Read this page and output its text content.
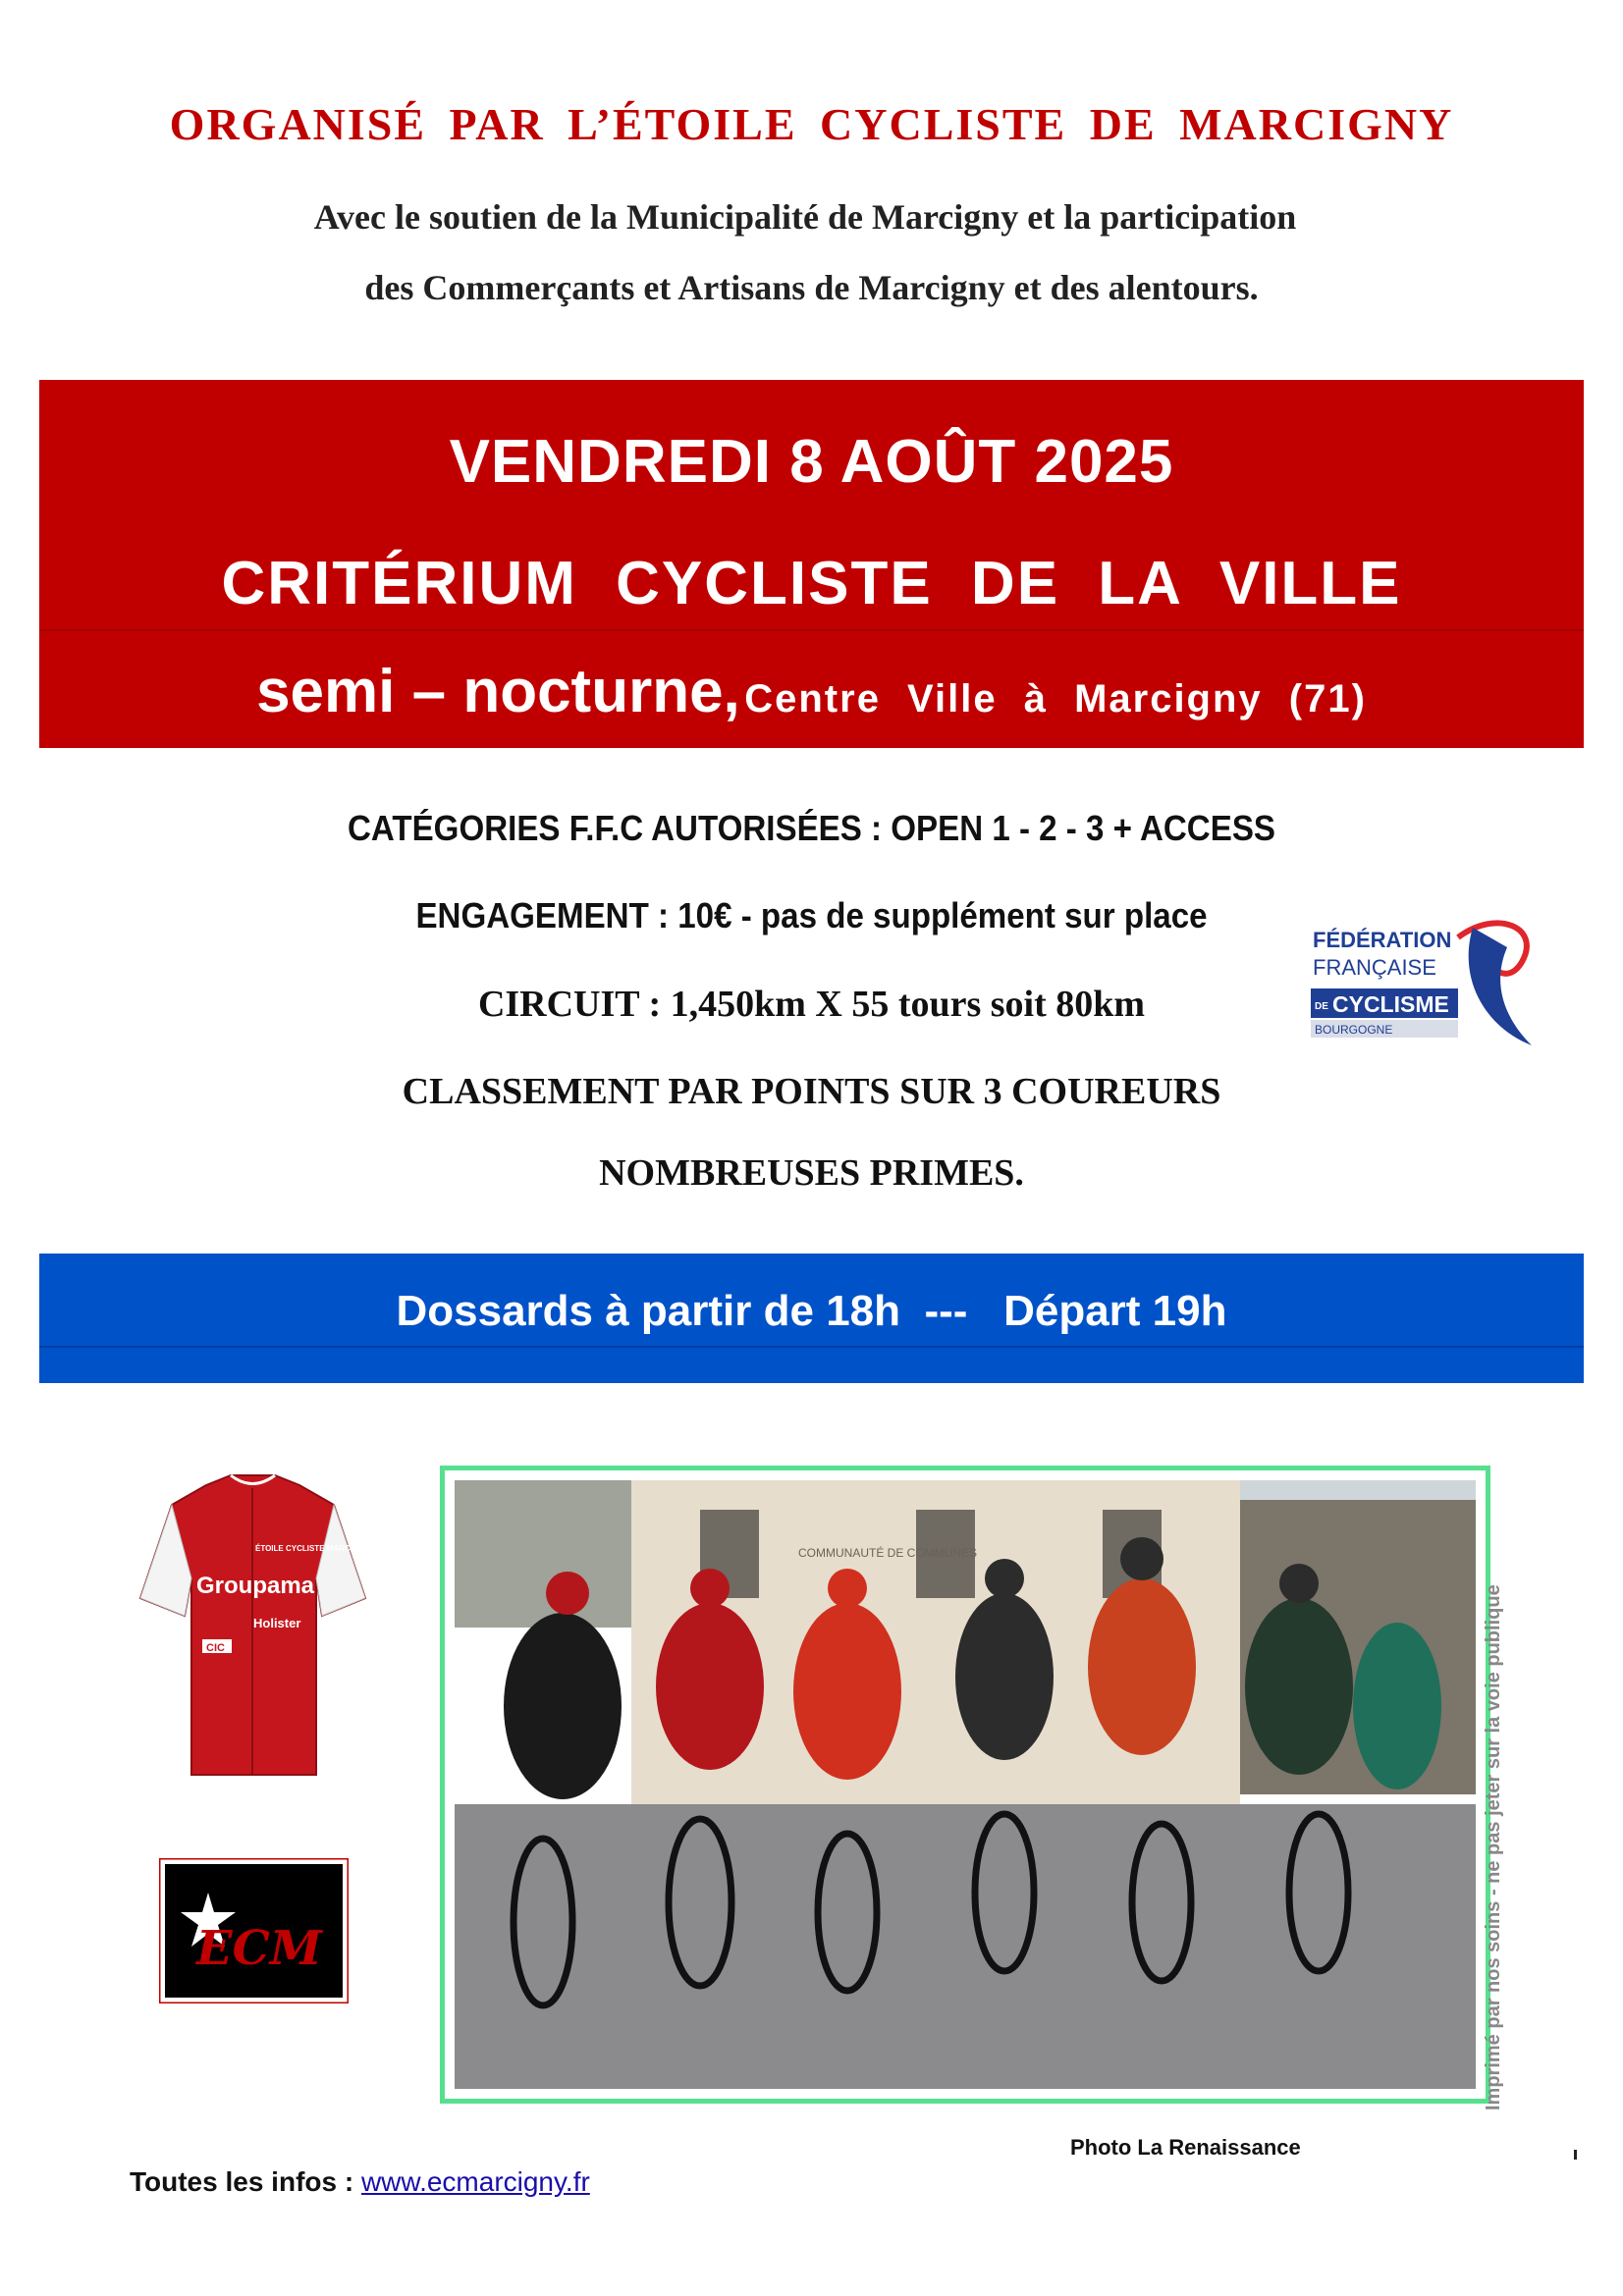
ORGANISÉ PAR L’ÉTOILE CYCLISTE DE MARCIGNY
Avec le soutien de la Municipalité de Marcigny et la participation
des Commerçants et Artisans de Marcigny et des alentours.
VENDREDI 8 AOÛT 2025
CRITÉRIUM CYCLISTE DE LA VILLE
semi – nocturne, Centre Ville à Marcigny (71)
CATÉGORIES F.F.C AUTORISÉES : OPEN 1 - 2 - 3 + ACCESS
ENGAGEMENT : 10€ - pas de supplément sur place
CIRCUIT : 1,450km X 55 tours soit 80km
CLASSEMENT PAR POINTS SUR 3 COUREURS
NOMBREUSES PRIMES.
FÉDÉRATION
FRANÇAISE
DE CYCLISME
BOURGOGNE
Dossards à partir de 18h  ---   Départ 19h
Groupama
Holister
CIC
ÉTOILE CYCLISTE MARCIGNY
ECM
COMMUNAUTÉ DE COMMUNES
Photo La Renaissance
Toutes les infos : www.ecmarcigny.fr
Imprimé par nos soins - ne pas jeter sur la voie publique
